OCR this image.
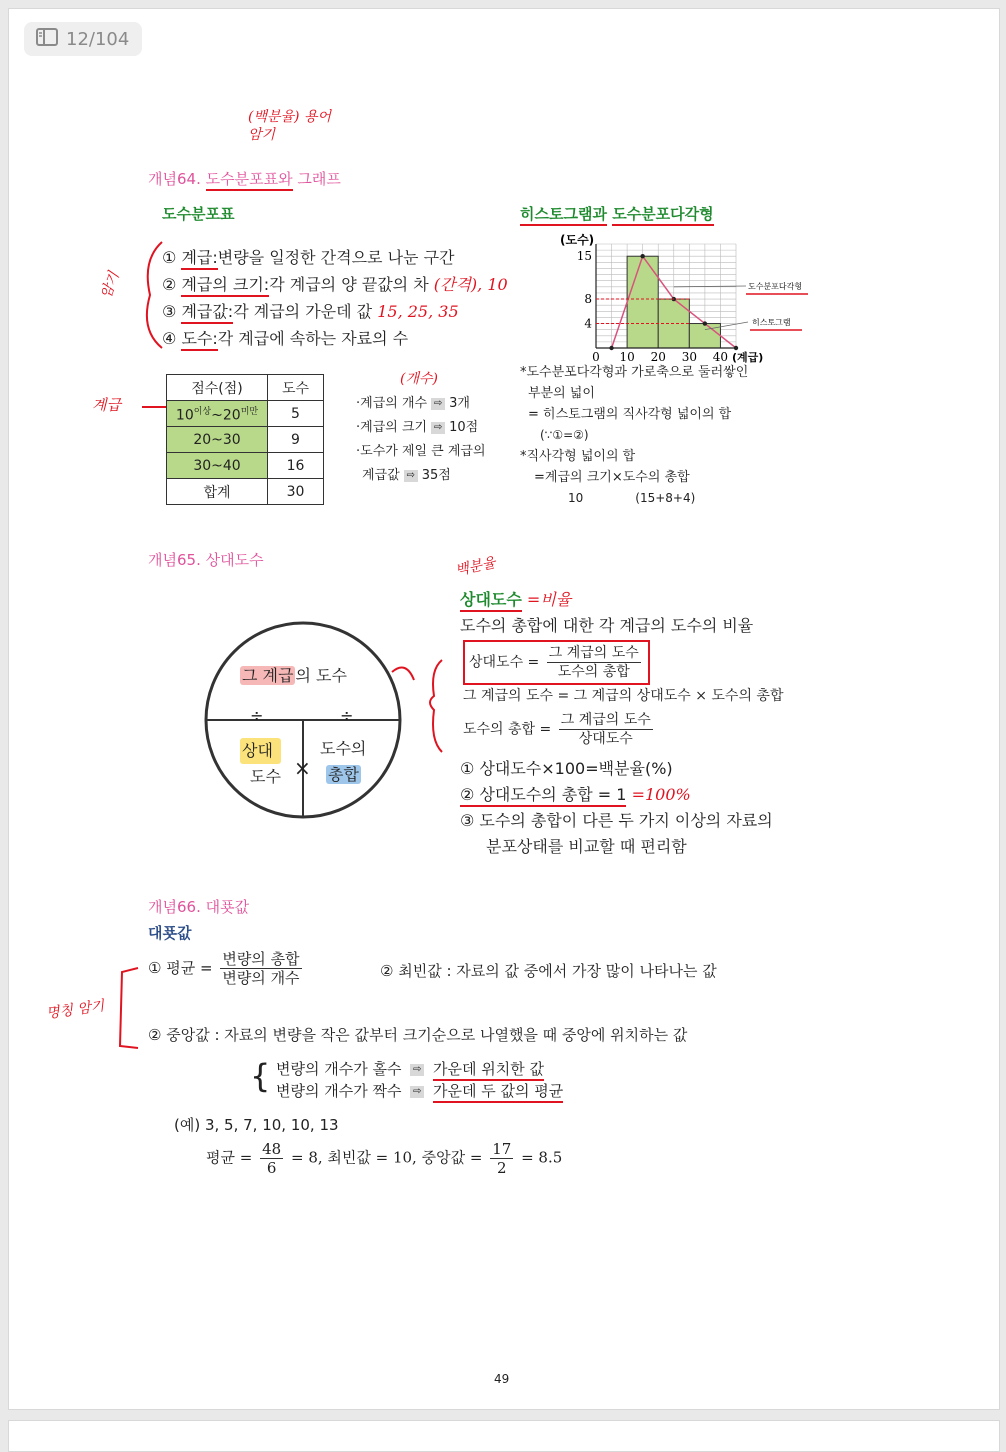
12/104
(백분율) 용어 암기
개념64. 도수분포표와 그래프
도수분포표
암기
① 계급:변량을 일정한 간격으로 나눈 구간
② 계급의 크기:각 계급의 양 끝값의 차 (간격), 10
③ 계급값:각 계급의 가운데 값 15, 25, 35
④ 도수:각 계급에 속하는 자료의 수
계급
점수(점)	도수
$10^{이상}\sim 20^{미만}$	5
20~30	9
30~40	16
합계	30
(개수)
·계급의 개수 ⇨ 3개
·계급의 크기 ⇨ 10점
·도수가 제일 큰 계급의
계급값 ⇨ 35점
히스토그램과 도수분포다각형
0 10 20 30 40
4
8
15
(도수)
(계급)
도수분포다각형
히스토그램
*도수분포다각형과 가로축으로 둘러쌓인
부분의 넓이
= 히스토그램의 직사각형 넓이의 합
(∵①=②)
*직사각형 넓이의 합
=계급의 크기×도수의 총합
10	(15+8+4)
개념65. 상대도수	백분율
그 계급 의 도수
÷	÷
상대
도수 ×
도수의
총합
상대도수 =비율
도수의 총합에 대한 각 계급의 도수의 비율
상대도수 = $\frac{\text{그 계급의 도수}}{\text{도수의 총합}}$
그 계급의 도수 = 그 계급의 상대도수 × 도수의 총합
도수의 총합 = $\frac{\text{그 계급의 도수}}{\text{상대도수}}$
① 상대도수×100=백분율(%)
② 상대도수의 총합 = 1 =100%
③ 도수의 총합이 다른 두 가지 이상의 자료의
분포상태를 비교할 때 편리함
개념66. 대푯값
대푯값
명칭 암기
① 평균 = $\frac{\text{변량의 총합}}{\text{변량의 개수}}$	② 최빈값 : 자료의 값 중에서 가장 많이 나타나는 값
② 중앙값 : 자료의 변량을 작은 값부터 크기순으로 나열했을 때 중앙에 위치하는 값
{ 변량의 개수가 홀수 ⇨ 가운데 위치한 값
변량의 개수가 짝수 ⇨ 가운데 두 값의 평균
(예) 3, 5, 7, 10, 10, 13
평균 = $\frac{48}{6} = 8$, 최빈값 = 10, 중앙값 = $\frac{17}{2} = 8.5$
49
